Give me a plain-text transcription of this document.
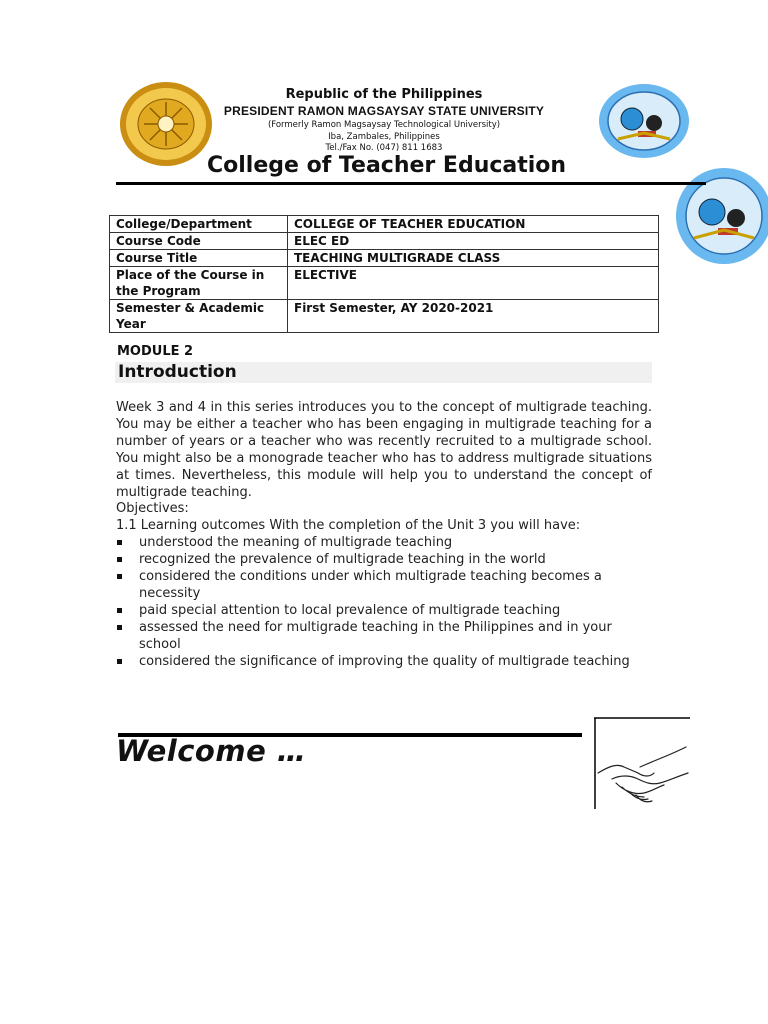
Republic of the Philippines
PRESIDENT RAMON MAGSAYSAY STATE UNIVERSITY
(Formerly Ramon Magsaysay Technological University)
Iba, Zambales, Philippines
Tel./Fax No. (047) 811 1683
College of Teacher Education
College/Department	COLLEGE OF TEACHER EDUCATION
Course Code	ELEC ED
Course Title	TEACHING MULTIGRADE CLASS
Place of the Course in the Program	ELECTIVE
Semester & Academic Year	First Semester, AY 2020-2021
MODULE 2
Introduction
Week 3 and 4 in this series introduces you to the concept of multigrade teaching. You may be either a teacher who has been engaging in multigrade teaching for a number of years or a teacher who was recently recruited to a multigrade school. You might also be a monograde teacher who has to address multigrade situations at times. Nevertheless, this module will help you to understand the concept of multigrade teaching.
Objectives:
1.1 Learning outcomes With the completion of the Unit 3 you will have:
understood the meaning of multigrade teaching
recognized the prevalence of multigrade teaching in the world
considered the conditions under which multigrade teaching becomes a necessity
paid special attention to local prevalence of multigrade teaching
assessed the need for multigrade teaching in the Philippines and in your school
considered the significance of improving the quality of multigrade teaching
Welcome …
